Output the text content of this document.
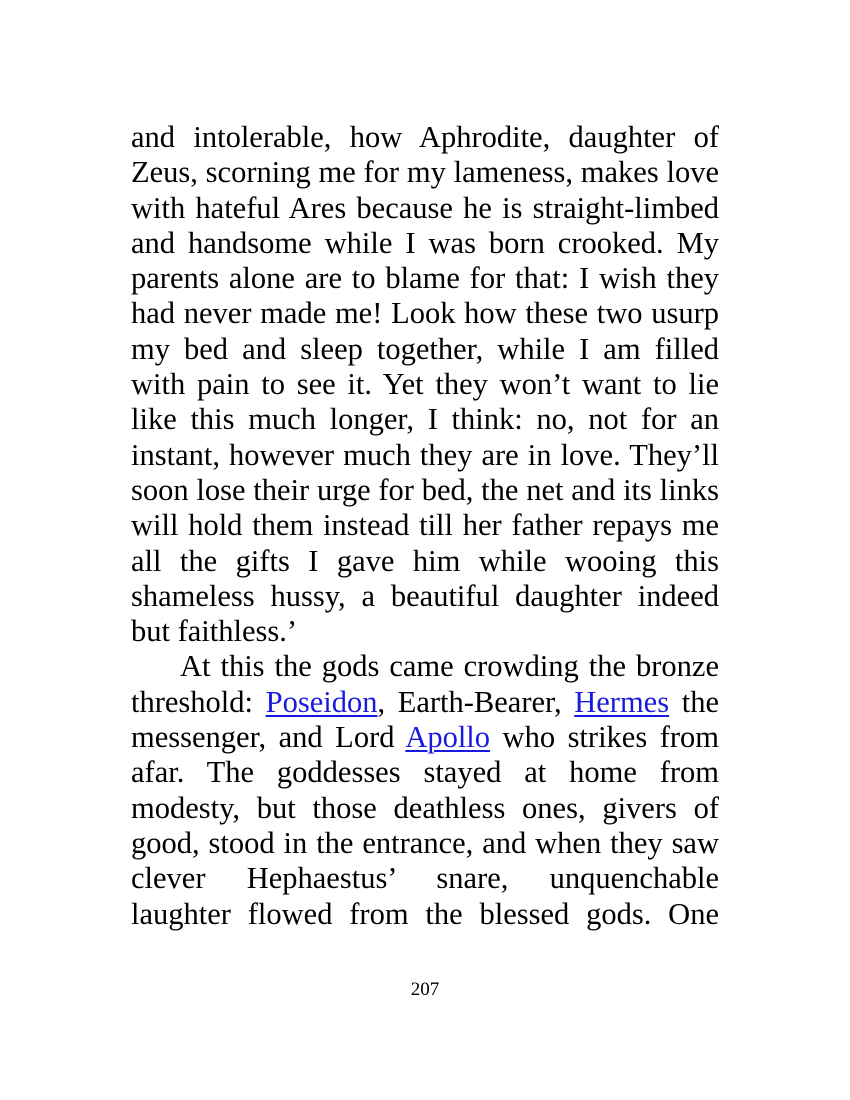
and intolerable, how Aphrodite, daughter of
Zeus, scorning me for my lameness, makes love
with hateful Ares because he is straight-limbed
and handsome while I was born crooked. My
parents alone are to blame for that: I wish they
had never made me! Look how these two usurp
my bed and sleep together, while I am filled
with pain to see it. Yet they won’t want to lie
like this much longer, I think: no, not for an
instant, however much they are in love. They’ll
soon lose their urge for bed, the net and its links
will hold them instead till her father repays me
all the gifts I gave him while wooing this
shameless hussy, a beautiful daughter indeed
but faithless.’
At this the gods came crowding the bronze
threshold: Poseidon, Earth-Bearer, Hermes the
messenger, and Lord Apollo who strikes from
afar. The goddesses stayed at home from
modesty, but those deathless ones, givers of
good, stood in the entrance, and when they saw
clever Hephaestus’ snare, unquenchable
laughter flowed from the blessed gods. One
207
